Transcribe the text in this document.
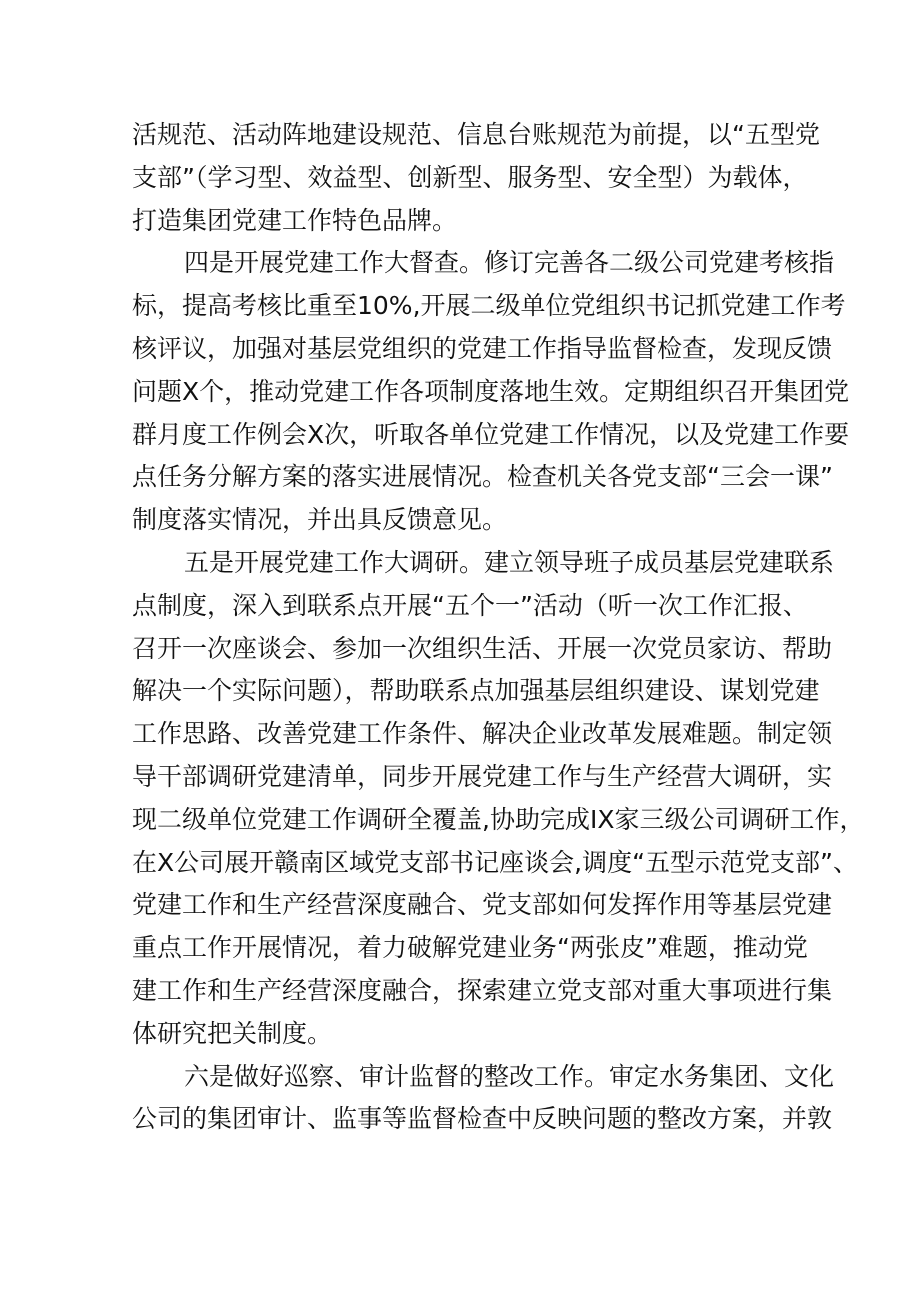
活规范、活动阵地建设规范、信息台账规范为前提，以“五型党
支部”（学习型、效益型、创新型、服务型、安全型）为载体，
打造集团党建工作特色品牌。
四是开展党建工作大督查。修订完善各二级公司党建考核指
标，提高考核比重至10%,开展二级单位党组织书记抓党建工作考
核评议，加强对基层党组织的党建工作指导监督检查，发现反馈
问题X个，推动党建工作各项制度落地生效。定期组织召开集团党
群月度工作例会X次，听取各单位党建工作情况，以及党建工作要
点任务分解方案的落实进展情况。检查机关各党支部“三会一课”
制度落实情况，并出具反馈意见。
五是开展党建工作大调研。建立领导班子成员基层党建联系
点制度，深入到联系点开展“五个一”活动（听一次工作汇报、
召开一次座谈会、参加一次组织生活、开展一次党员家访、帮助
解决一个实际问题），帮助联系点加强基层组织建设、谋划党建
工作思路、改善党建工作条件、解决企业改革发展难题。制定领
导干部调研党建清单，同步开展党建工作与生产经营大调研，实
现二级单位党建工作调研全覆盖,协助完成IX家三级公司调研工作，
在X公司展开赣南区域党支部书记座谈会,调度“五型示范党支部”、
党建工作和生产经营深度融合、党支部如何发挥作用等基层党建
重点工作开展情况，着力破解党建业务“两张皮”难题，推动党
建工作和生产经营深度融合，探索建立党支部对重大事项进行集
体研究把关制度。
六是做好巡察、审计监督的整改工作。审定水务集团、文化
公司的集团审计、监事等监督检查中反映问题的整改方案，并敦
